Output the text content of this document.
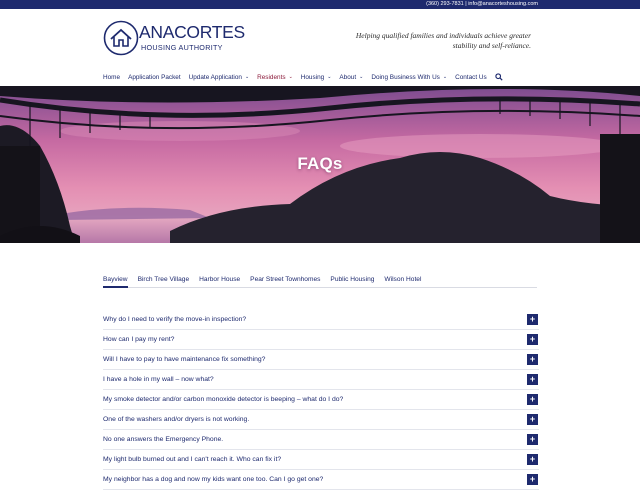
(360) 293-7831 | info@anacorteshousing.com
ANACORTES
HOUSING AUTHORITY
Helping qualified families and individuals achieve greater stability and self-reliance.
Home Application Packet Update Application ⌄ Residents ⌄ Housing ⌄ About ⌄ Doing Business With Us ⌄ Contact Us
FAQs
Bayview Birch Tree Village Harbor House Pear Street Townhomes Public Housing Wilson Hotel
Why do I need to verify the move-in inspection?	+
How can I pay my rent?	+
Will I have to pay to have maintenance fix something?	+
I have a hole in my wall – now what?	+
My smoke detector and/or carbon monoxide detector is beeping – what do I do?	+
One of the washers and/or dryers is not working.	+
No one answers the Emergency Phone.	+
My light bulb burned out and I can't reach it. Who can fix it?	+
My neighbor has a dog and now my kids want one too. Can I go get one?	+
